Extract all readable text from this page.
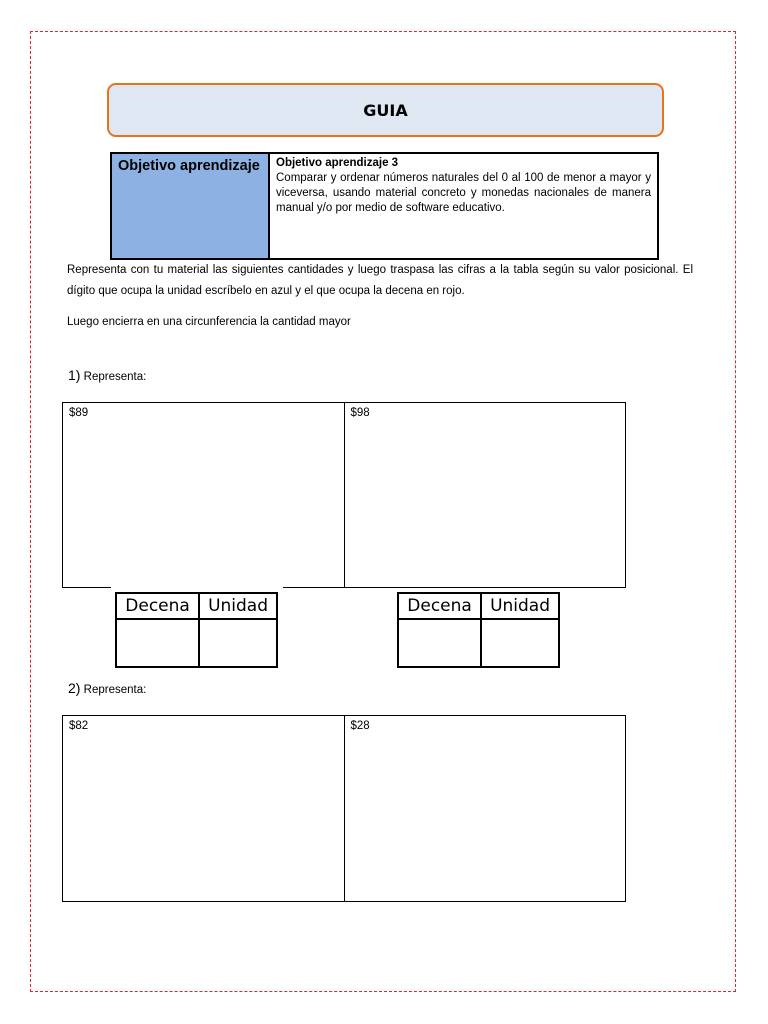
GUIA
Objetivo aprendizaje	Objetivo aprendizaje 3
Comparar y ordenar números naturales del 0 al 100 de menor a mayor y viceversa, usando material concreto y monedas nacionales de manera manual y/o por medio de software educativo.
Representa con tu material las siguientes cantidades y luego traspasa las cifras a la tabla según su valor posicional. El dígito que ocupa la unidad escríbelo en azul y el que ocupa la decena en rojo.
Luego encierra en una circunferencia la cantidad mayor
1) Representa:
$89	$98
Decena	Unidad
		Decena	Unidad

2) Representa:
$82	$28
